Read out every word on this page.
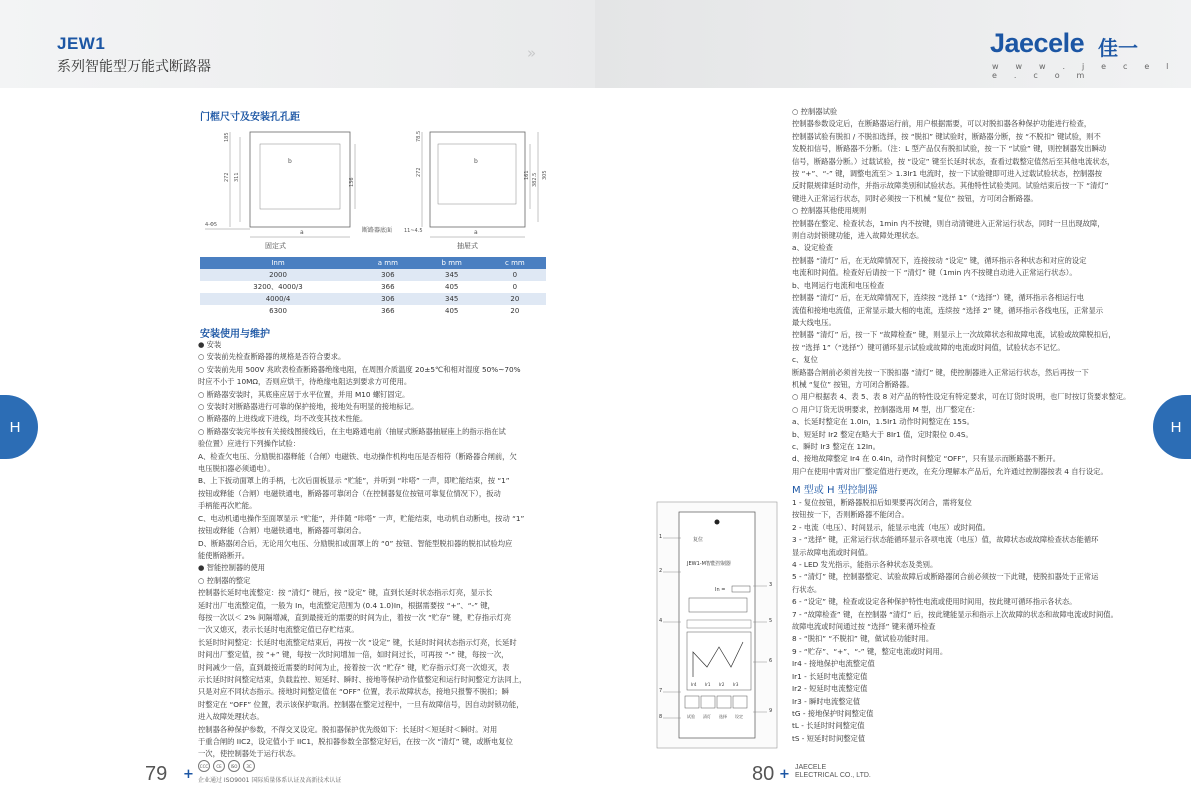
JEW1
系列智能型万能式断路器
»	Jaecele 佳一
w w w . j e c e l e . c o m
H	H
门框尺寸及安装孔孔距
b
a
4-Φ5
272 311
136
185
固定式
b
a
272	161 382.5 305
78.5
断路器底面 11~4.5
抽屉式
Inm	a mm	b mm	c mm
2000	306	345	0
3200、4000/3	366	405	0
4000/4	306	345	20
6300	366	405	20
安装使用与维护
● 安装
○ 安装前先检查断路器的规格是否符合要求。
○ 安装前先用 500V 兆欧表检查断路器绝缘电阻，在周围介质温度 20±5℃和相对湿度 50%~70%
时应不小于 10MΩ，否则应烘干，待绝缘电阻达到要求方可使用。
○ 断路器安装时，其底座应居于水平位置，并用 M10 螺钉固定。
○ 安装时对断路器进行可靠的保护接地，接地处有明显的接地标记。
○ 断路器的上进线或下进线，均不改变其技术性能。
○ 断路器安装完毕按有关接线图接线后，在主电路通电前（抽屉式断路器抽屉座上的指示指在试
验位置）应进行下列操作试验：
A、检查欠电压、分励脱扣器释能（合闸）电磁铁、电动操作机构电压是否相符（断路器合闸前，欠
电压脱扣器必须通电）。
B、上下扳动面罩上的手柄，七次后面板显示 “贮能”，并听到 “咔嗒” 一声，即贮能结束，按 “1”
按钮或释能（合闸）电磁铁通电，断路器可靠闭合（在控制器复位按钮可靠复位情况下），扳动
手柄能再次贮能。
C、电动机通电操作至面罩显示 “贮能”，并伴随 “咔嗒” 一声，贮能结束，电动机自动断电，按动 “1”
按钮或释能（合闸）电磁铁通电，断路器可靠闭合。
D、断路器闭合后，无论用欠电压、分励脱扣或面罩上的 “0” 按钮、智能型脱扣器的脱扣试验均应
能使断路断开。
● 智能控制器的使用
○ 控制器的整定
控制器长延时电流整定：按 “清灯” 键后，按 “设定” 键，直到长延时状态指示灯亮，显示长
延时出厂电流整定值，一般为 In，电流整定范围为 (0.4 1.0)In，根据需要按 “+”、“-” 键，
每按一次以＜ 2% 间隔增减，直到最接近的需要的时间为止，着按一次 “贮存” 键，贮存指示灯亮
一次又熄灭，表示长延时电流整定值已存贮结束。
长延时时间整定：长延时电流整定结束后，再按一次 “设定” 键，长延时时间状态指示灯亮，长延时
时间出厂整定值，按 “+” 键，每按一次时间增加一倍，如时间过长，可再按 “-” 键，每按一次，
时间减少一倍，直到最接近需要的时间为止，接着按一次 “贮存” 键，贮存指示灯亮一次熄灭，表
示长延时时间整定结束，负载监控、短延时、瞬时、接地等保护动作值整定和运行时间整定方法同上，
只是对应不同状态指示。接地时间整定值在 “OFF” 位置，表示故障状态，接地只报警不脱扣；瞬
时整定在 “OFF” 位置，表示该保护取消。控制器在整定过程中，一旦有故障信号，因自动封锁功能，
进入故障处理状态。
控制器各种保护参数，不得交叉设定。脱扣器保护优先级如下：长延时＜短延时＜瞬时。对用
于重合闸的 IIC2，设定值小于 IIC1，脱扣器参数全部整定好后，在按一次 “清灯” 键，或断电复位
一次，使控制器处于运行状态。
○ 控制器试验
控制器参数设定后，在断路器运行前，用户根据需要，可以对脱扣器各种保护功能进行检查，
控制器试验有脱扣 / 不脱扣选择，按 “脱扣” 键试验时，断路器分断，按 “不脱扣” 键试验，则不
发脱扣信号，断路器不分断。（注：L 型产品仅有脱扣试验，按一下 “试验” 键，则控制器发出瞬动
信号，断路器分断。）过载试验，按 “设定” 键至长延时状态，查看过载整定值然后至其他电流状态，
按 “+”、“-” 键，调整电流至＞ 1.3Ir1 电流时，按一下试验键即可进入过载试验状态，控制器按
反时限规律延时动作，并指示故障类别和试验状态。其他特性试验类同。试验结束后按一下 “清灯”
键进入正常运行状态，同时必须按一下机械 “复位” 按钮，方可闭合断路器。
○ 控制器其他使用规则
控制器在整定、检查状态，1min 内不按键，则自动清键进入正常运行状态，同时一旦出现故障，
则自动封锁键功能，进入故障处理状态。
a、设定检查
控制器 “清灯” 后，在无故障情况下，连接按动 “设定” 键，循环指示各种状态和对应的设定
电流和时间值。检查好后请按一下 “清灯” 键（1min 内不按键自动进入正常运行状态）。
b、电网运行电流和电压检查
控制器 “清灯” 后，在无故障情况下，连续按 “选择 1”（“选择”）键，循环指示各相运行电
流值和接地电流值，正常显示最大相的电流，连续按 “选择 2” 键，循环指示各线电压，正常显示
最大线电压。
控制器 “清灯” 后，按一下 “故障检查” 键，则显示上一次故障状态和故障电流，试验或故障脱扣后，
按 “选择 1”（“选择”）键可循环显示试验或故障的电流或时间值，试验状态不记忆。
c、复位
断路器合闸前必须首先按一下脱扣器 “清灯” 键，使控制器进入正常运行状态，然后再按一下
机械 “复位” 按钮，方可闭合断路器。
○ 用户根据表 4、表 5、表 8 对产品的特性设定有特定要求，可在订货时说明，也厂时按订货要求整定。
○ 用户订货无说明要求，控制器选用 M 型，出厂整定在：
a、长延时整定在 1.0In，1.5Ir1 动作时间整定在 15S。
b、短延时 Ir2 整定在略大于 8Ir1 值，定时限位 0.4S。
c、瞬时 Ir3 整定在 12In。
d、接地故障整定 Ir4 在 0.4In，动作时间整定 “OFF”，只有显示而断路器不断开。
用户在使用中需对出厂整定值进行更改，在充分理解本产品后，允许通过控制器按表 4 自行设定。
M 型或 H 型控制器
1 - 复位按钮，断路器脱扣后如果要再次闭合，需将复位
按钮按一下，否则断路器不能闭合。
2 - 电流（电压）、时间显示，能显示电流（电压）或时间值。
3 - “选择” 键，正常运行状态能循环显示各项电流（电压）值，故障状态或故障检查状态能循环
显示故障电流或时间值。
4 - LED 发光指示，能指示各种状态及类别。
5 - “清灯” 键，控制器整定、试验故障后或断路器闭合前必须按一下此键，使脱扣器处于正常运
行状态。
6 - “设定” 键，检查或设定各种保护特性电流或使用时间用，按此键可循环指示各状态。
7 - “故障检查” 键，在控制器 “清灯” 后，按此键能显示和指示上次故障的状态和故障电流或时间值。
故障电流或时间通过按 “选择” 键来循环检查
8 - “脱扣” “不脱扣” 键，做试验功能时用。
9 - “贮存”、“+”、“-” 键，整定电流或时间用。
Ir4 - 接地保护电流整定值
Ir1 - 长延时电流整定值
Ir2 - 短延时电流整定值
Ir3 - 瞬时电流整定值
tG - 接地保护时间整定值
tL - 长延时时间整定值
tS - 短延时时间整定值
复位
JEW1-M智能控制器
In =
Ir4 Ir1 Ir2 Ir3
试验 清灯 选择 设定
1
2
3
4	5
6
7
8
9
79 +
CCC	CE	ISO	3C
企业通过 ISO9001 国际质量体系认证及高新技术认证	80 + JAECELE
ELECTRICAL CO., LTD.
